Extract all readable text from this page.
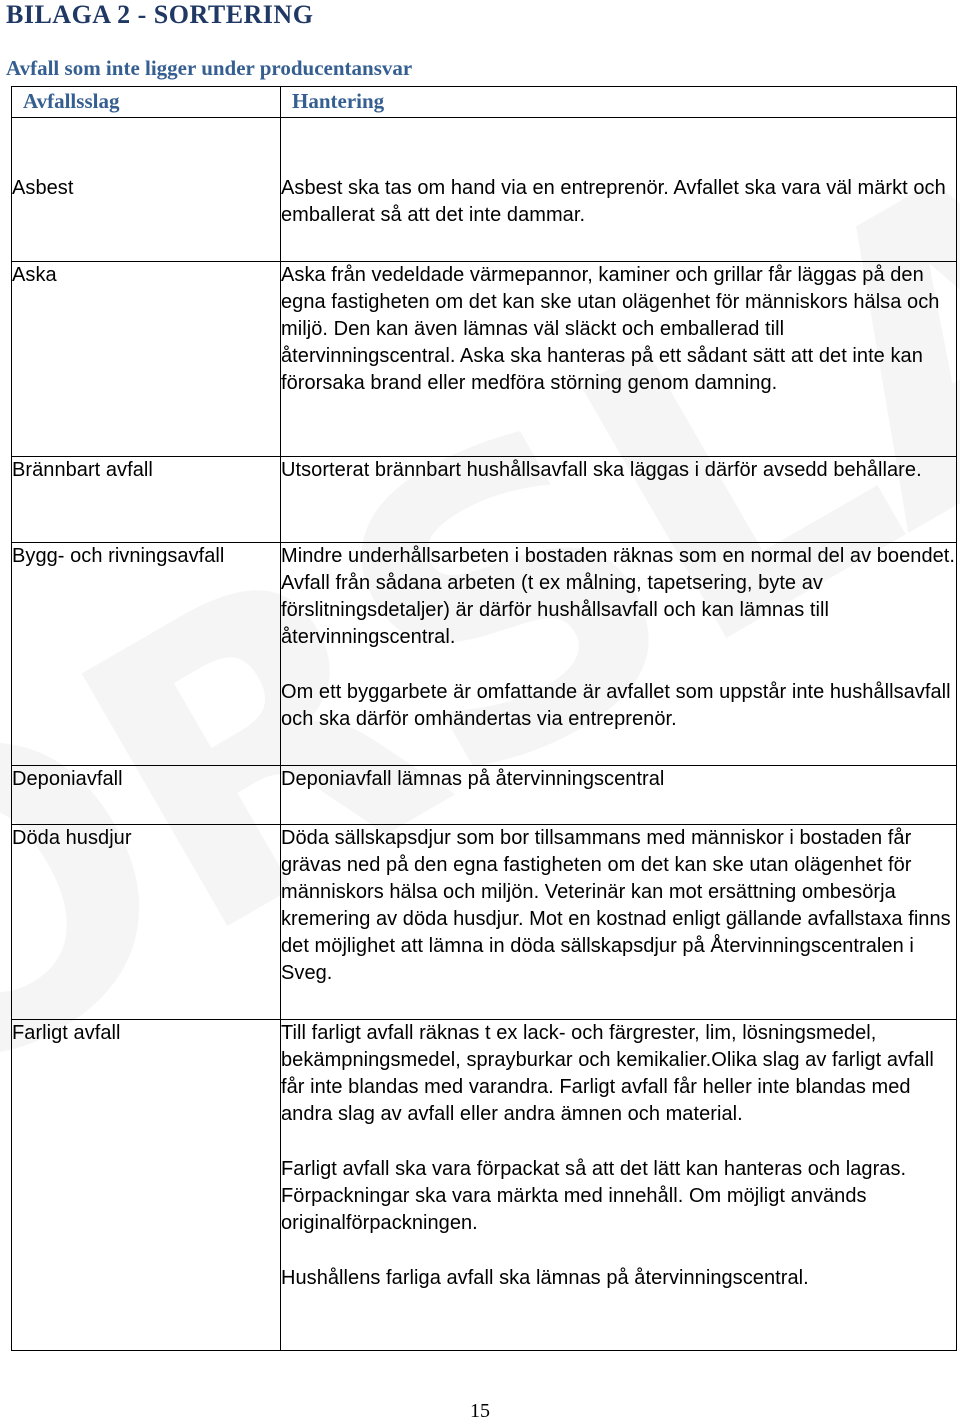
BILAGA 2 - SORTERING
Avfall som inte ligger under producentansvar
Avfallsslag	Hantering

Asbest	Asbest ska tas om hand via en entreprenör. Avfallet ska vara väl märkt och emballerat så att det inte dammar.

Aska	Aska från vedeldade värmepannor, kaminer och grillar får läggas på den egna fastigheten om det kan ske utan olägenhet för människors hälsa och miljö. Den kan även lämnas väl släckt och emballerad till återvinningscentral. Aska ska hanteras på ett sådant sätt att det inte kan förorsaka brand eller medföra störning genom damning.

Brännbart avfall	Utsorterat brännbart hushållsavfall ska läggas i därför avsedd behållare.

Bygg- och rivningsavfall	Mindre underhållsarbeten i bostaden räknas som en normal del av boendet. Avfall från sådana arbeten (t ex målning, tapetsering, byte av förslitningsdetaljer) är därför hushållsavfall och kan lämnas till återvinningscentral.

Om ett byggarbete är omfattande är avfallet som uppstår inte hushållsavfall och ska därför omhändertas via entreprenör.

Deponiavfall	Deponiavfall lämnas på återvinningscentral

Döda husdjur	Döda sällskapsdjur som bor tillsammans med människor i bostaden får grävas ned på den egna fastigheten om det kan ske utan olägenhet för människors hälsa och miljön. Veterinär kan mot ersättning ombesörja kremering av döda husdjur. Mot en kostnad enligt gällande avfallstaxa finns det möjlighet att lämna in döda sällskapsdjur på Återvinningscentralen i Sveg.

Farligt avfall	Till farligt avfall räknas t ex lack- och färgrester, lim, lösningsmedel, bekämpningsmedel, sprayburkar och kemikalier.Olika slag av farligt avfall får inte blandas med varandra. Farligt avfall får heller inte blandas med andra slag av avfall eller andra ämnen och material.

Farligt avfall ska vara förpackat så att det lätt kan hanteras och lagras. Förpackningar ska vara märkta med innehåll. Om möjligt används originalförpackningen.

Hushållens farliga avfall ska lämnas på återvinningscentral.

15
